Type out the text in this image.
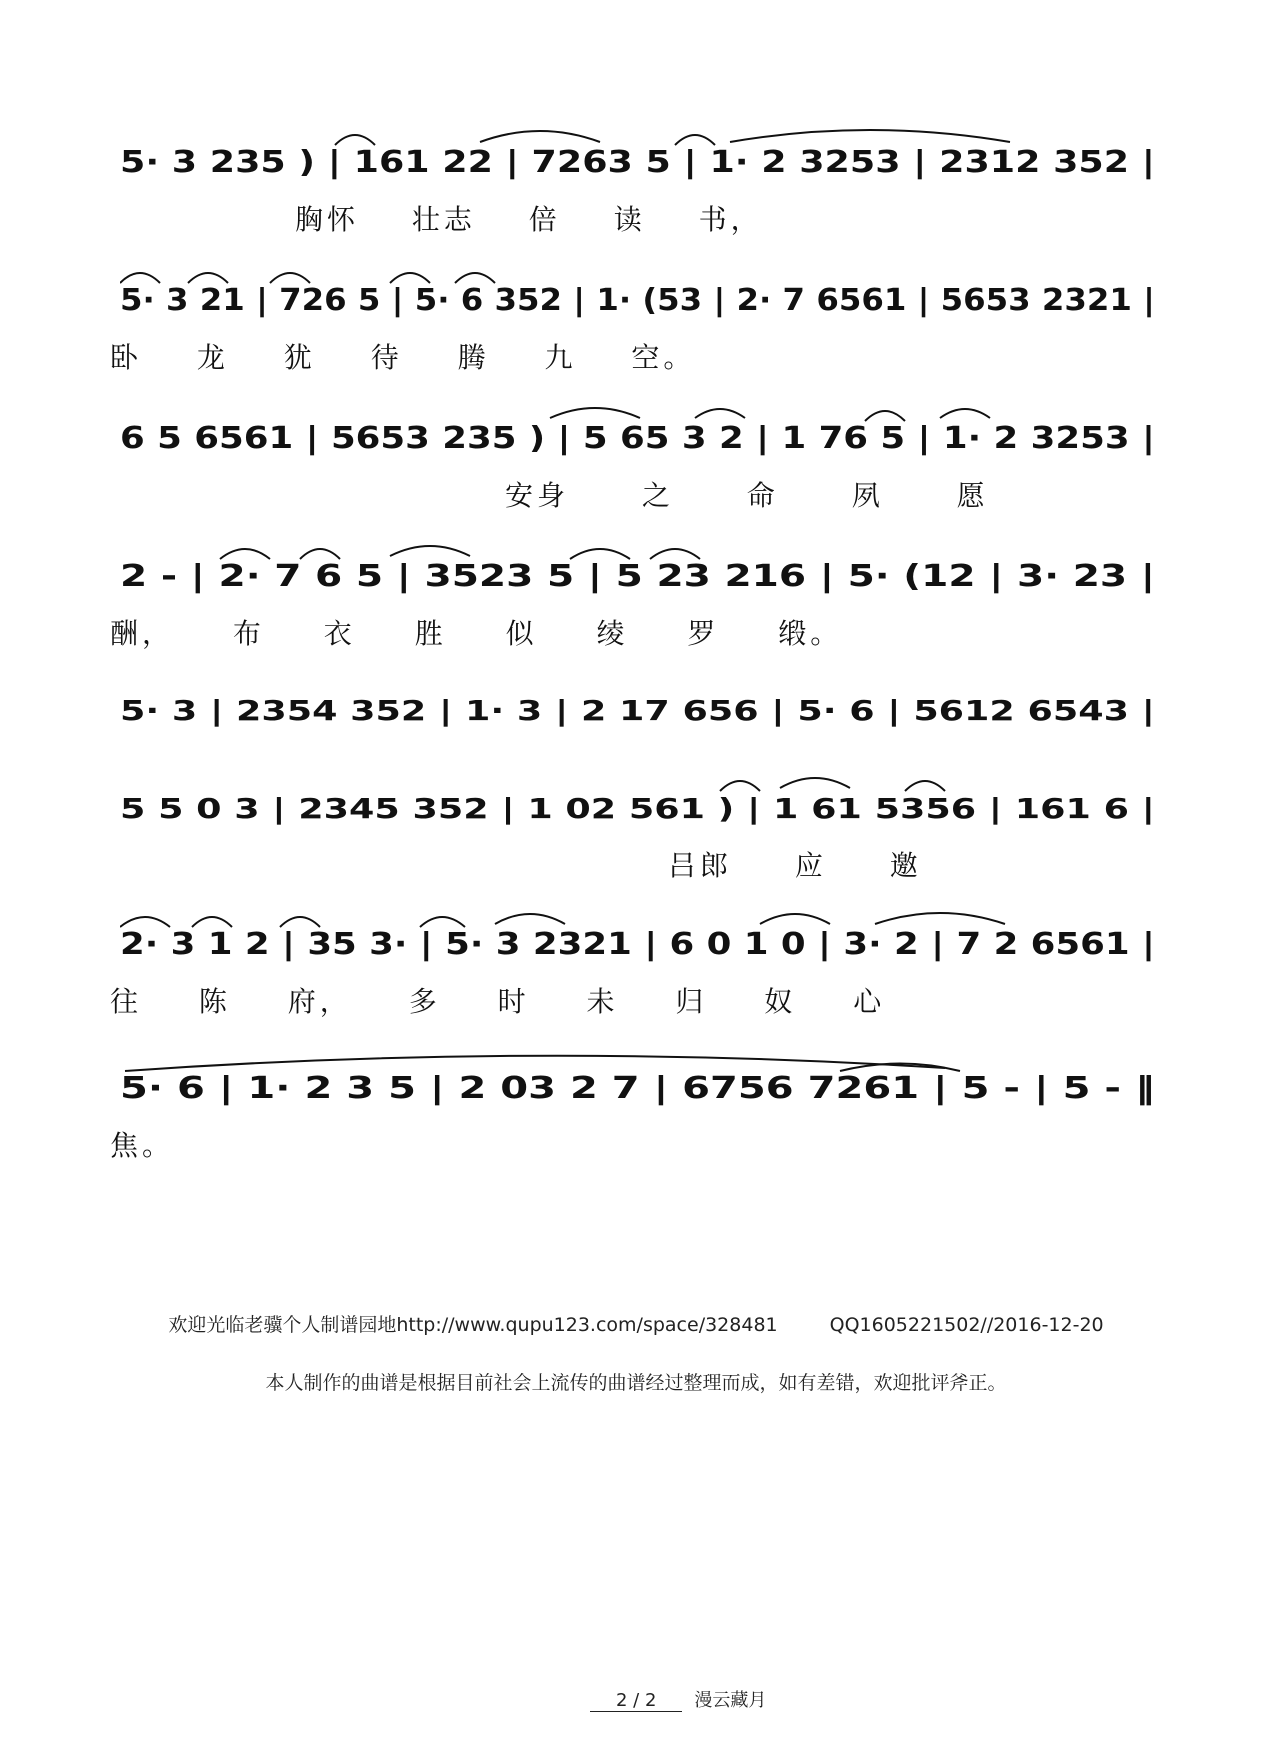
5· 3 235 ) | 161 22 | 7263 5 | 1· 2 3253 | 2312 352 |
胸怀 壮志 倍 读 书，
5· 3 21 | 726 5 | 5· 6 352 | 1· (53 | 2· 7 6561 | 5653 2321 |
卧 龙 犹 待 腾 九 空。
6 5 6561 | 5653 235 ) | 5 65 3 2 | 1 76 5 | 1· 2 3253 |
安身 之 命 夙 愿
2 - | 2· 7 6 5 | 3523 5 | 5 23 216 | 5· (12 | 3· 23 |
酬， 布 衣 胜 似 绫 罗 缎。
5· 3 | 2354 352 | 1· 3 | 2 17 656 | 5· 6 | 5612 6543 |
5 5 0 3 | 2345 352 | 1 02 561 ) | 1 61 5356 | 161 6 |
吕郎 应 邀
2· 3 1 2 | 35 3· | 5· 3 2321 | 6 0 1 0 | 3· 2 | 7 2 6561 |
往 陈 府， 多 时 未 归 奴 心
5· 6 | 1· 2 3 5 | 2 03 2 7 | 6756 7261 | 5 - | 5 - ‖
焦。
欢迎光临老骥个人制谱园地http://www.qupu123.com/space/328481	QQ1605221502//2016-12-20
本人制作的曲谱是根据目前社会上流传的曲谱经过整理而成，如有差错，欢迎批评斧正。
2 / 2 漫云藏月
